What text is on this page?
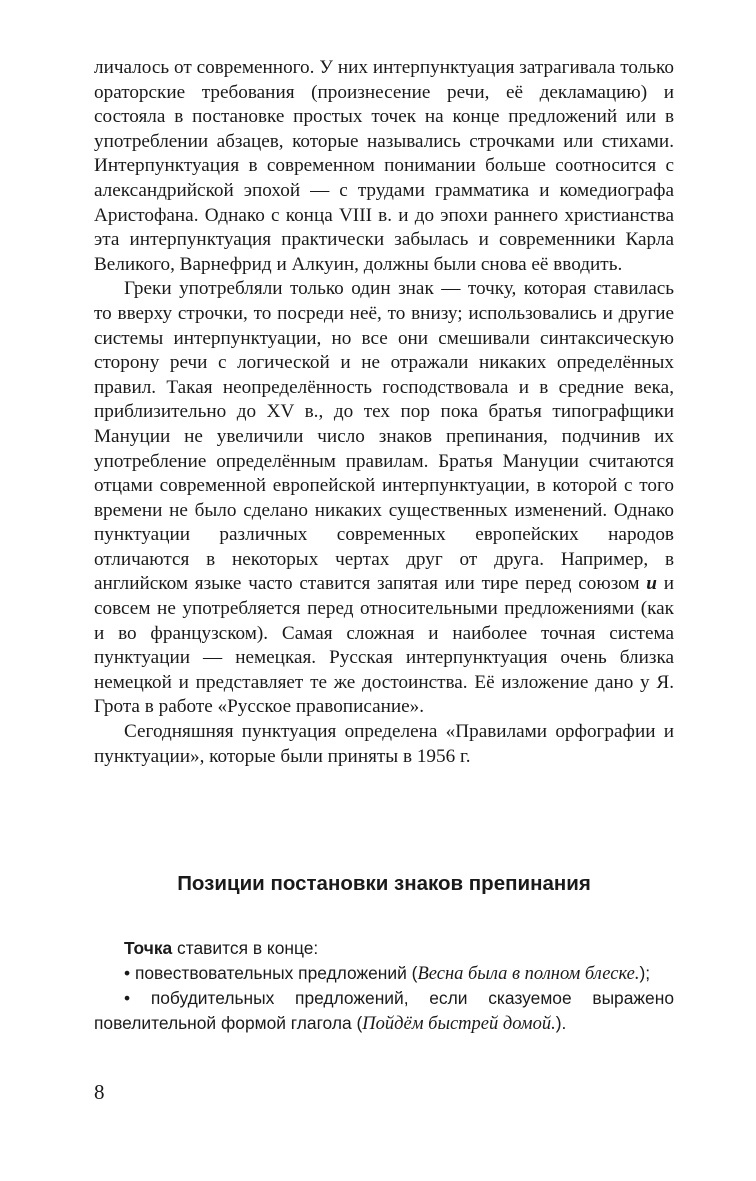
личалось от современного. У них интерпунктуация затрагивала только ораторские требования (произнесение речи, её декламацию) и состояла в постановке простых точек на конце предложений или в употреблении абзацев, которые назывались строчками или стихами. Интерпунктуация в современном понимании больше соотносится с александрийской эпохой — с трудами грамматика и комедиографа Аристофана. Однако с конца VIII в. и до эпохи раннего христианства эта интерпунктуация практически забылась и современники Карла Великого, Варнефрид и Алкуин, должны были снова её вводить.

Греки употребляли только один знак — точку, которая ставилась то вверху строчки, то посреди неё, то внизу; использовались и другие системы интерпунктуации, но все они смешивали синтаксическую сторону речи с логической и не отражали никаких определённых правил. Такая неопределённость господствовала и в средние века, приблизительно до XV в., до тех пор пока братья типографщики Мануции не увеличили число знаков препинания, подчинив их употребление определённым правилам. Братья Мануции считаются отцами современной европейской интерпунктуации, в которой с того времени не было сделано никаких существенных изменений. Однако пунктуации различных современных европейских народов отличаются в некоторых чертах друг от друга. Например, в английском языке часто ставится запятая или тире перед союзом и и совсем не употребляется перед относительными предложениями (как и во французском). Самая сложная и наиболее точная система пунктуации — немецкая. Русская интерпунктуация очень близка немецкой и представляет те же достоинства. Её изложение дано у Я. Грота в работе «Русское правописание».

Сегодняшняя пунктуация определена «Правилами орфографии и пунктуации», которые были приняты в 1956 г.

Позиции постановки знаков препинания

Точка ставится в конце:

• повествовательных предложений (Весна была в полном блеске.);

• побудительных предложений, если сказуемое выражено повелительной формой глагола (Пойдём быстрей домой.).

8
